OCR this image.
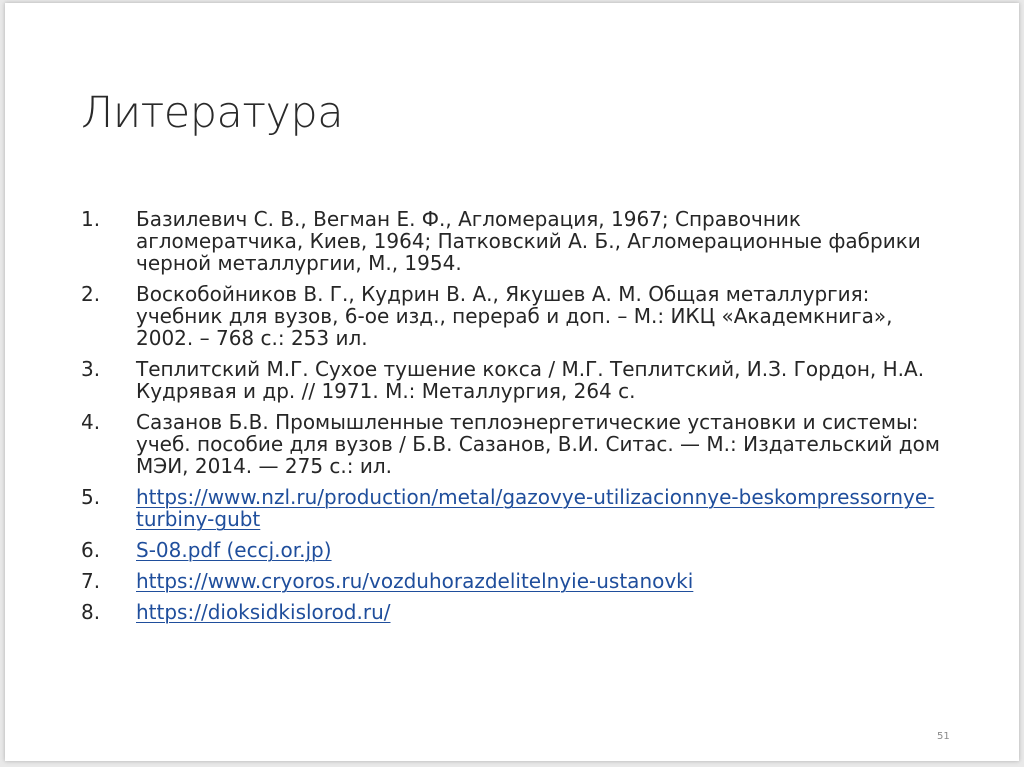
Литература
1.	Базилевич С. В., Вегман Е. Ф., Агломерация, 1967; Справочник агломератчика, Киев, 1964; Патковский А. Б., Агломерационные фабрики черной металлургии, М., 1954.
2.	Воскобойников В. Г., Кудрин В. А., Якушев А. М. Общая металлургия: учебник для вузов, 6-ое изд., перераб и доп. – М.: ИКЦ «Академкнига», 2002. – 768 с.: 253 ил.
3.	Теплитский М.Г. Сухое тушение кокса / М.Г. Теплитский, И.З. Гордон, Н.А. Кудрявая и др. // 1971. М.: Металлургия, 264 с.
4.	Сазанов Б.В. Промышленные теплоэнергетические установки и системы: учеб. пособие для вузов / Б.В. Сазанов, В.И. Ситас. — М.: Издательский дом МЭИ, 2014. — 275 с.: ил.
5.	https://www.nzl.ru/production/metal/gazovye-utilizacionnye-beskompressornye-turbiny-gubt
6.	S-08.pdf (eccj.or.jp)
7.	https://www.cryoros.ru/vozduhorazdelitelnyie-ustanovki
8.	https://dioksidkislorod.ru/
51
